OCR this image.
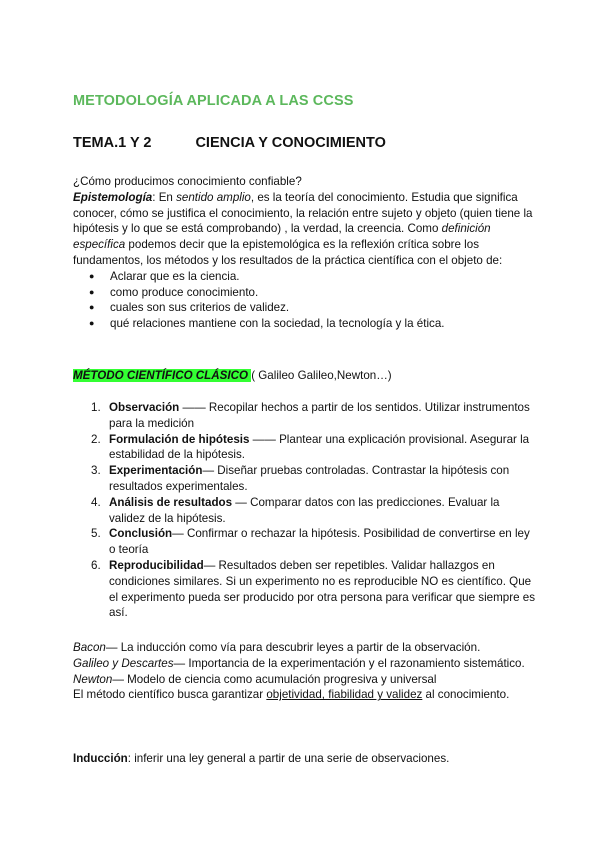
METODOLOGÍA APLICADA A LAS CCSS
TEMA.1 Y 2	CIENCIA Y CONOCIMIENTO

¿Cómo producimos conocimiento confiable?

Epistemología: En sentido amplio, es la teoría del conocimiento. Estudia que significa conocer, cómo se justifica el conocimiento, la relación entre sujeto y objeto (quien tiene la hipótesis y lo que se está comprobando) , la verdad, la creencia. Como definición específica podemos decir que la epistemológica es la reflexión crítica sobre los fundamentos, los métodos y los resultados de la práctica científica con el objeto de:

● Aclarar que es la ciencia.
● como produce conocimiento.
● cuales son sus criterios de validez.
● qué relaciones mantiene con la sociedad, la tecnología y la ética.

MÉTODO CIENTÍFICO CLÁSICO ( Galileo Galileo,Newton…)

1. Observación —— Recopilar hechos a partir de los sentidos. Utilizar instrumentos para la medición
2. Formulación de hipótesis —— Plantear una explicación provisional. Asegurar la estabilidad de la hipótesis.
3. Experimentación— Diseñar pruebas controladas. Contrastar la hipótesis con resultados experimentales.
4. Análisis de resultados — Comparar datos con las predicciones. Evaluar la validez de la hipótesis.
5. Conclusión— Confirmar o rechazar la hipótesis. Posibilidad de convertirse en ley o teoría
6. Reproducibilidad— Resultados deben ser repetibles. Validar hallazgos en condiciones similares. Si un experimento no es reproducible NO es científico. Que el experimento pueda ser producido por otra persona para verificar que siempre es así.

Bacon— La inducción como vía para descubrir leyes a partir de la observación.

Galileo y Descartes— Importancia de la experimentación y el razonamiento sistemático.

Newton— Modelo de ciencia como acumulación progresiva y universal

El método científico busca garantizar objetividad, fiabilidad y validez al conocimiento.

Inducción: inferir una ley general a partir de una serie de observaciones.
